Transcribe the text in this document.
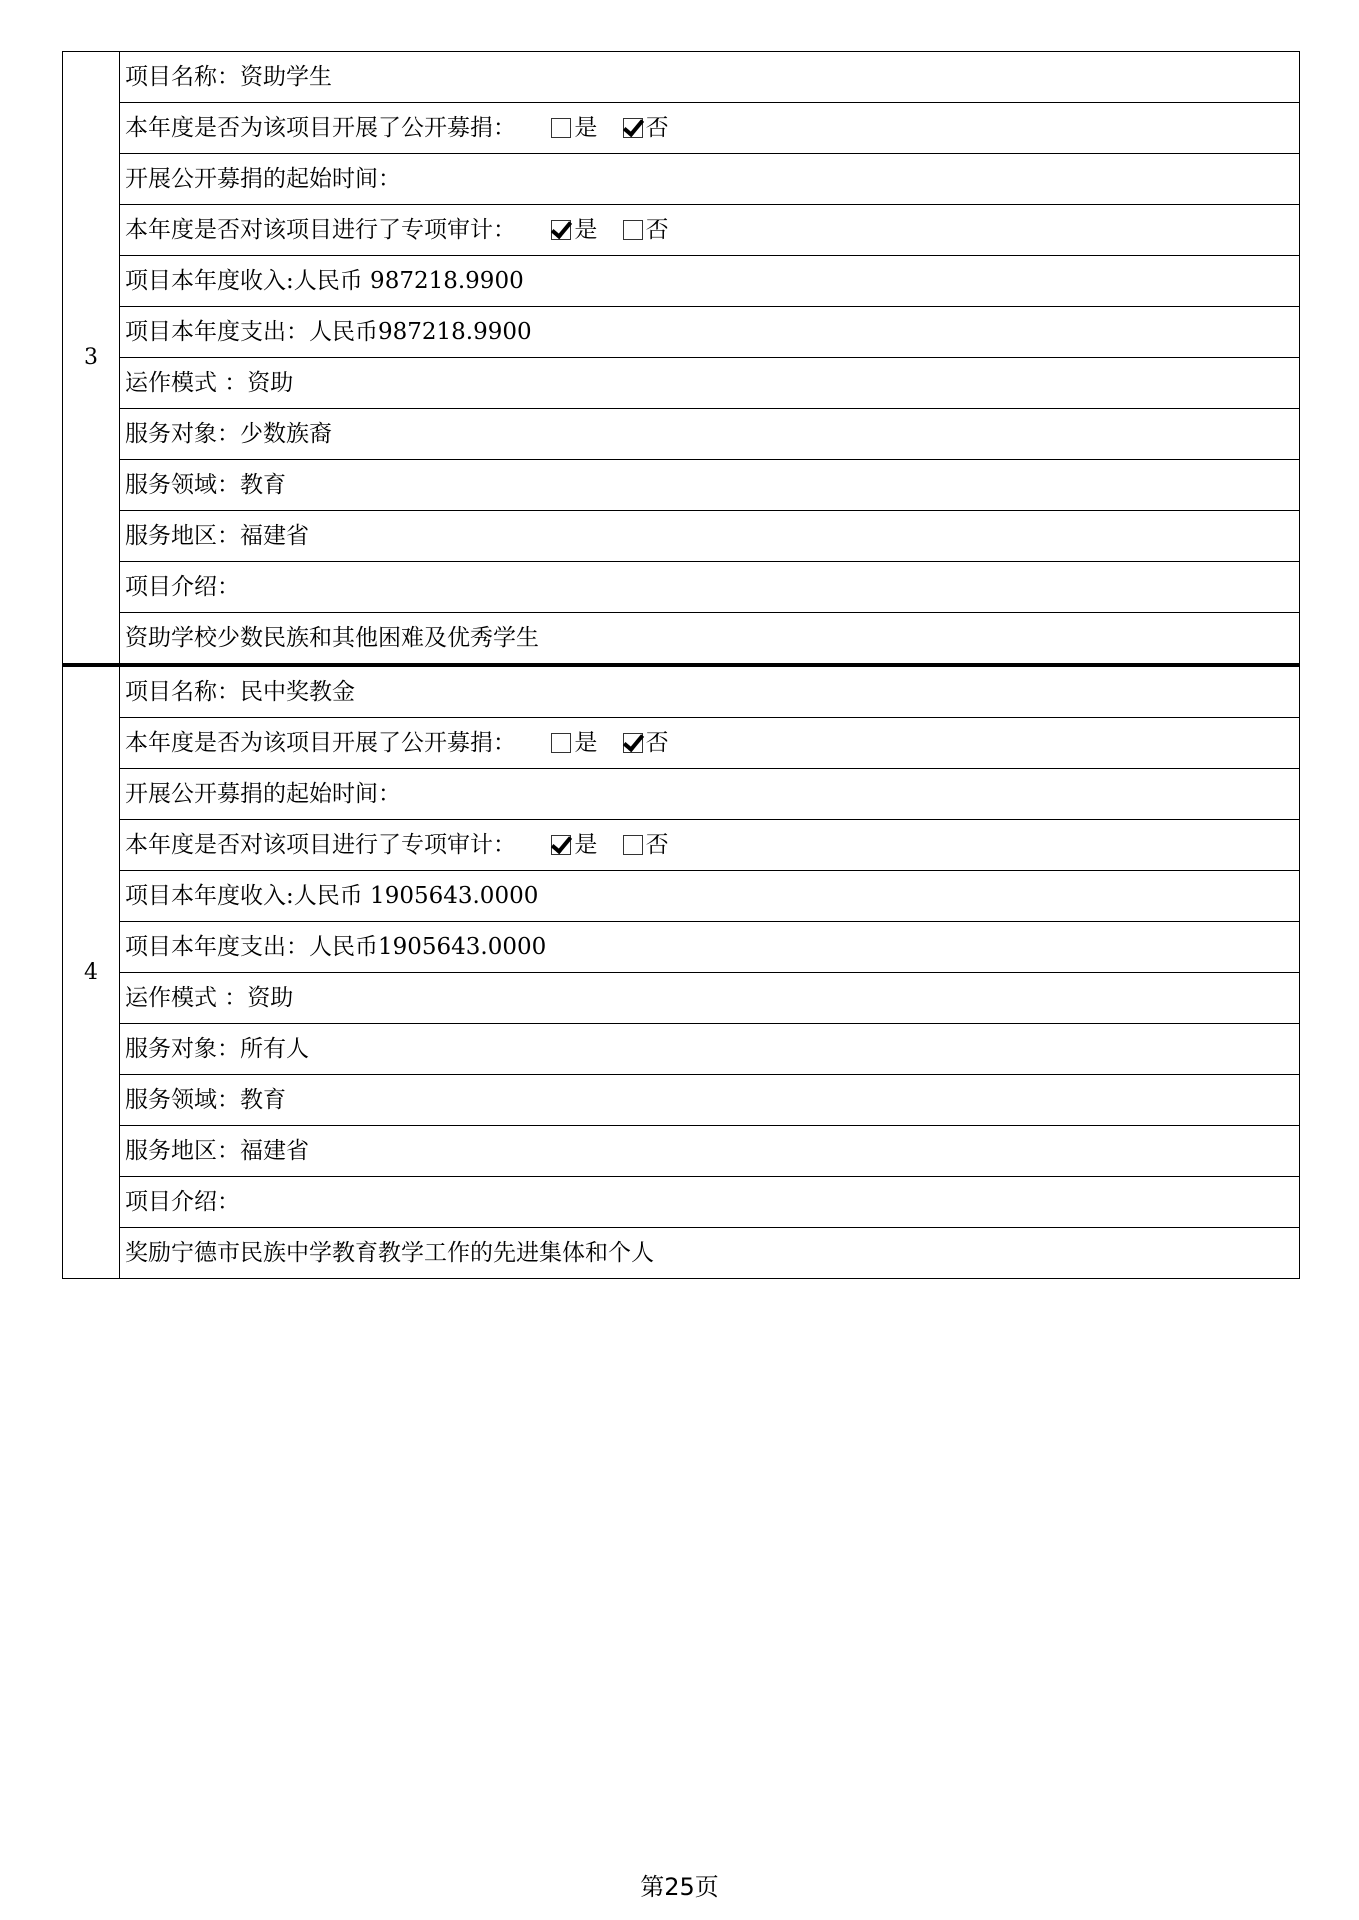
3	项目名称：资助学生
	本年度是否为该项目开展了公开募捐： 是 否
	开展公开募捐的起始时间：
	本年度是否对该项目进行了专项审计： 是 否
	项目本年度收入:人民币 987218.9900
	项目本年度支出：人民币987218.9900
	运作模式 ：资助
	服务对象：少数族裔
	服务领域：教育
	服务地区：福建省
	项目介绍：
	资助学校少数民族和其他困难及优秀学生
4	项目名称：民中奖教金
	本年度是否为该项目开展了公开募捐： 是 否
	开展公开募捐的起始时间：
	本年度是否对该项目进行了专项审计： 是 否
	项目本年度收入:人民币 1905643.0000
	项目本年度支出：人民币1905643.0000
	运作模式 ：资助
	服务对象：所有人
	服务领域：教育
	服务地区：福建省
	项目介绍：
	奖励宁德市民族中学教育教学工作的先进集体和个人
第25页
